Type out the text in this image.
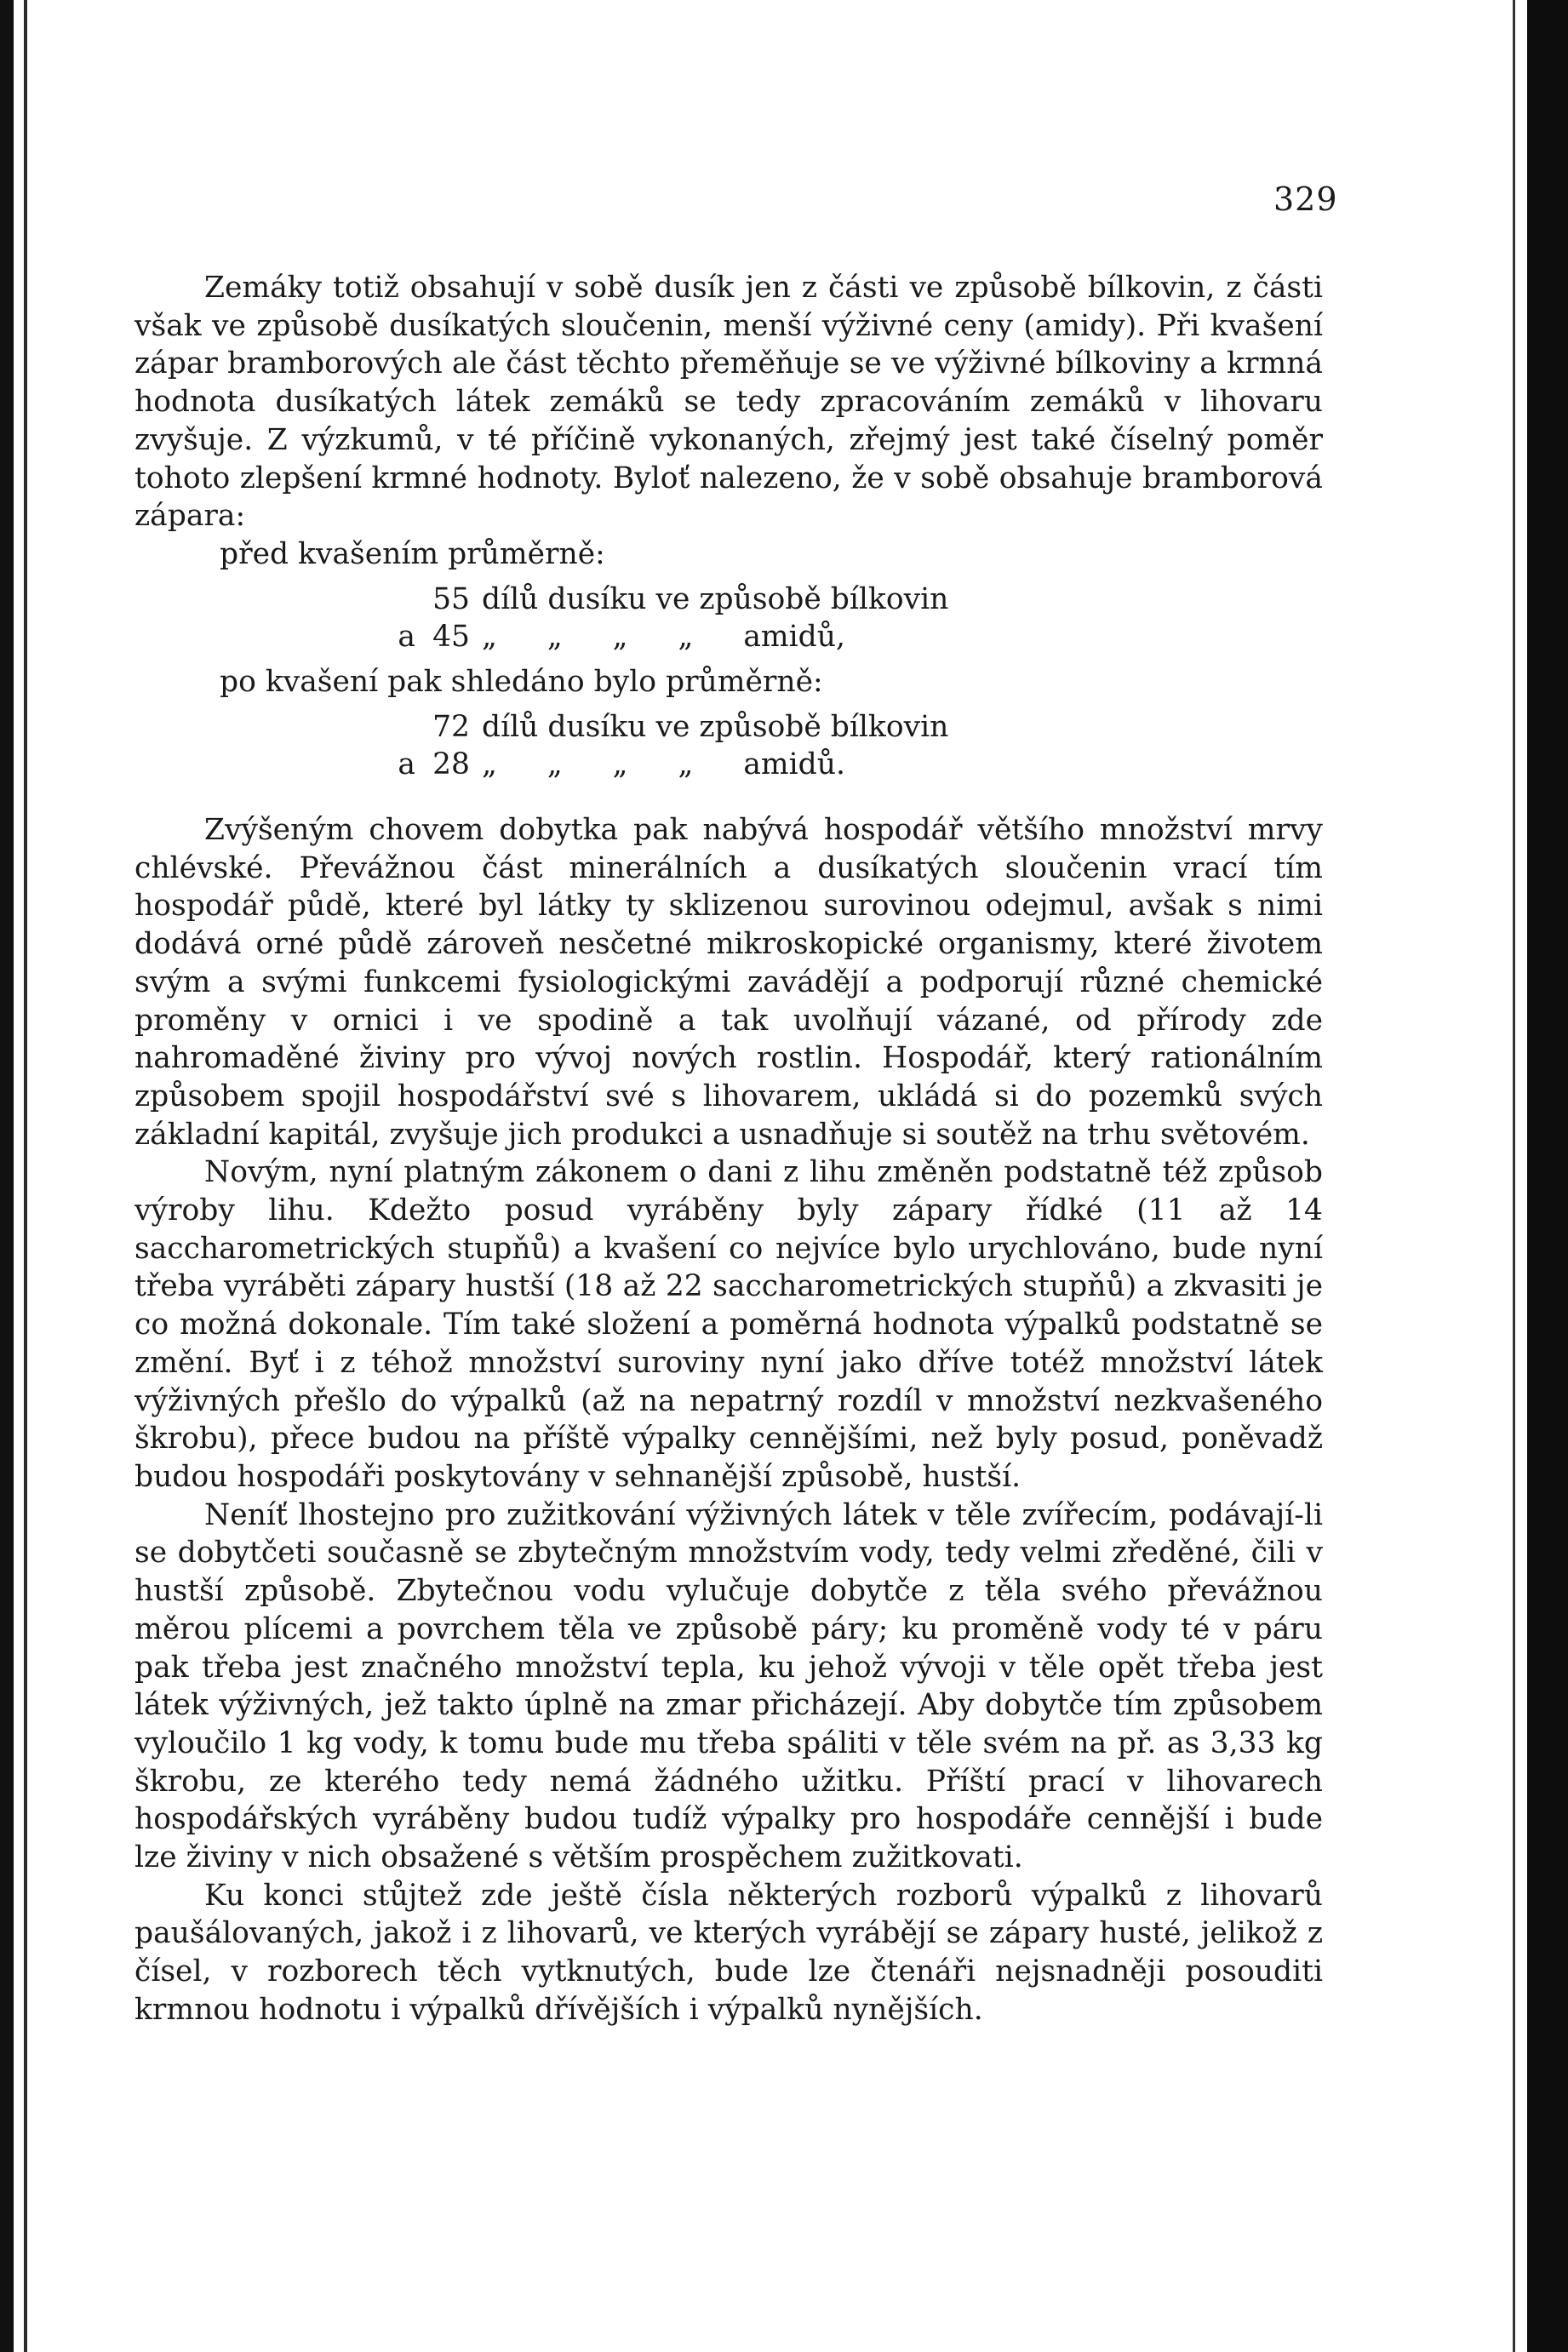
329

Zemáky totiž obsahují v sobě dusík jen z části ve způsobě bílkovin, z části však ve způsobě dusíkatých sloučenin, menší výživné ceny (amidy). Při kvašení zápar bramborových ale část těchto přeměňuje se ve výživné bílkoviny a krmná hodnota dusíkatých látek zemáků se tedy zpracováním zemáků v lihovaru zvyšuje. Z výzkumů, v té příčině vykonaných, zřejmý jest také číselný poměr tohoto zlepšení krmné hodnoty. Byloť nalezeno, že v sobě obsahuje bramborová zápara:

před kvašením průměrně:
55 dílů dusíku ve způsobě bílkovin
a 45 „ „ „ „ amidů,
po kvašení pak shledáno bylo průměrně:
72 dílů dusíku ve způsobě bílkovin
a 28 „ „ „ „ amidů.

Zvýšeným chovem dobytka pak nabývá hospodář většího množství mrvy chlévské. Převážnou část minerálních a dusíkatých sloučenin vrací tím hospodář půdě, které byl látky ty sklizenou surovinou odejmul, avšak s nimi dodává orné půdě zároveň nesčetné mikroskopické organismy, které životem svým a svými funkcemi fysiologickými zavádějí a podporují různé chemické proměny v ornici i ve spodině a tak uvolňují vázané, od přírody zde nahromaděné živiny pro vývoj nových rostlin. Hospodář, který rationálním způsobem spojil hospodářství své s lihovarem, ukládá si do pozemků svých základní kapitál, zvyšuje jich produkci a usnadňuje si soutěž na trhu světovém.

Novým, nyní platným zákonem o dani z lihu změněn podstatně též způsob výroby lihu. Kdežto posud vyráběny byly zápary řídké (11 až 14 saccharometrických stupňů) a kvašení co nejvíce bylo urychlováno, bude nyní třeba vyráběti zápary hustší (18 až 22 saccharometrických stupňů) a zkvasiti je co možná dokonale. Tím také složení a poměrná hodnota výpalků podstatně se změní. Byť i z téhož množství suroviny nyní jako dříve totéž množství látek výživných přešlo do výpalků (až na nepatrný rozdíl v množství nezkvašeného škrobu), přece budou na příště výpalky cennějšími, než byly posud, poněvadž budou hospodáři poskytovány v sehnanější způsobě, hustší.

Neníť lhostejno pro zužitkování výživných látek v těle zvířecím, podávají-li se dobytčeti současně se zbytečným množstvím vody, tedy velmi zředěné, čili v hustší způsobě. Zbytečnou vodu vylučuje dobytče z těla svého převážnou měrou plícemi a povrchem těla ve způsobě páry; ku proměně vody té v páru pak třeba jest značného množství tepla, ku jehož vývoji v těle opět třeba jest látek výživných, jež takto úplně na zmar přicházejí. Aby dobytče tím způsobem vyloučilo 1 kg vody, k tomu bude mu třeba spáliti v těle svém na př. as 3,33 kg škrobu, ze kterého tedy nemá žádného užitku. Příští prací v lihovarech hospodářských vyráběny budou tudíž výpalky pro hospodáře cennější i bude lze živiny v nich obsažené s větším prospěchem zužitkovati.

Ku konci stůjtež zde ještě čísla některých rozborů výpalků z lihovarů paušálovaných, jakož i z lihovarů, ve kterých vyrábějí se zápary husté, jelikož z čísel, v rozborech těch vytknutých, bude lze čtenáři nejsnadněji posouditi krmnou hodnotu i výpalků dřívějších i výpalků nynějších.
